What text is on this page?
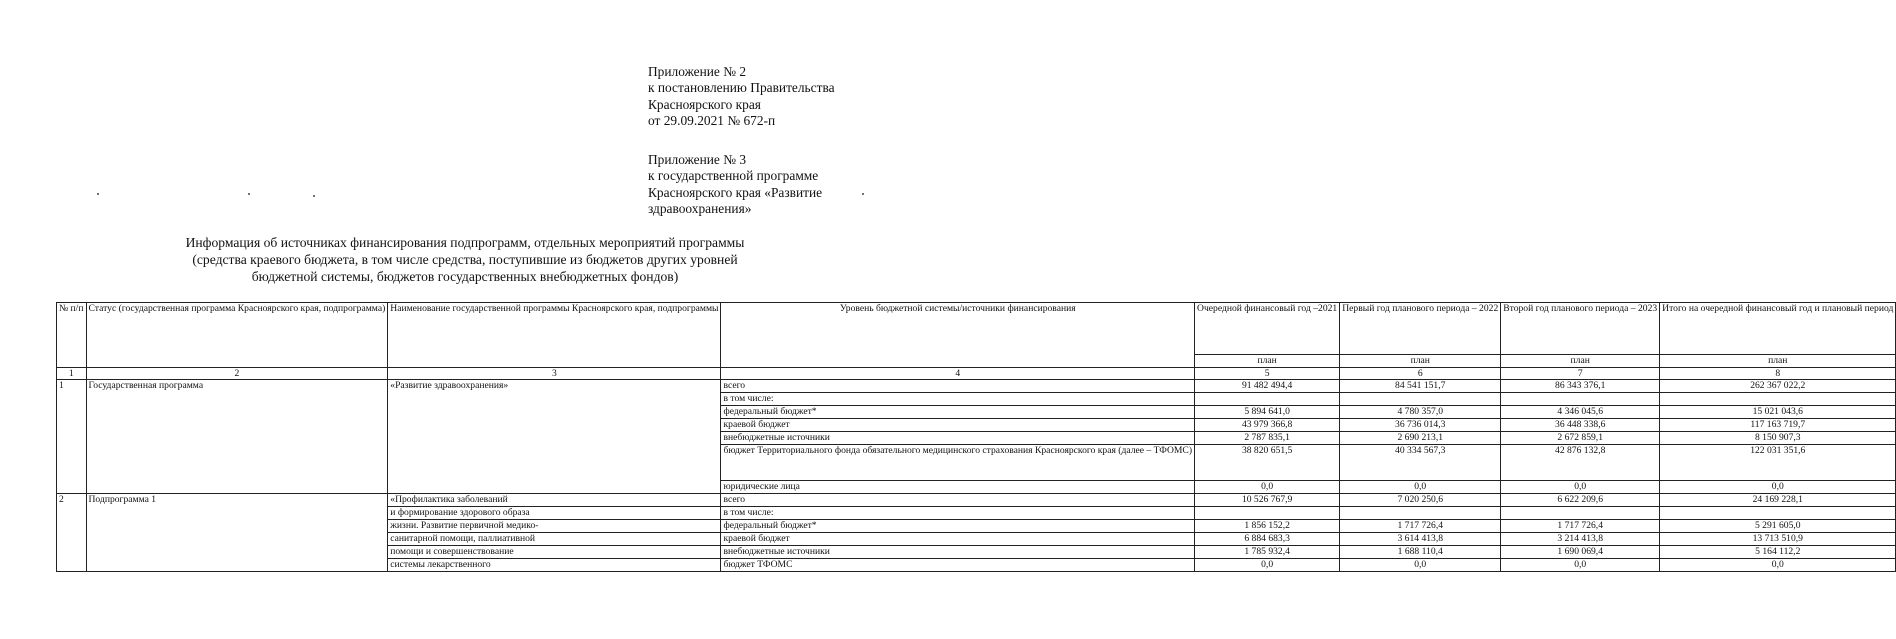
Приложение № 2
к постановлению Правительства
Красноярского края
от 29.09.2021 № 672-п
Приложение № 3
к государственной программе
Красноярского края «Развитие
здравоохранения»
Информация об источниках финансирования подпрограмм, отдельных мероприятий программы
(средства краевого бюджета, в том числе средства, поступившие из бюджетов других уровней
бюджетной системы, бюджетов государственных внебюджетных фондов)
№ п/п	Статус (государственная программа Красноярского края, подпрограмма)	Наименование государственной программы Красноярского края, подпрограммы	Уровень бюджетной системы/источники финансирования	Очередной финансовый год –2021	Первый год планового периода – 2022	Второй год планового периода – 2023	Итого на очередной финансовый год и плановый период
				план	план	план	план
1	2	3	4	5	6	7	8
1	Государственная программа	«Развитие здравоохранения»	всего	91 482 494,4	84 541 151,7	86 343 376,1	262 367 022,2
			в том числе:				
			федеральный бюджет*	5 894 641,0	4 780 357,0	4 346 045,6	15 021 043,6
			краевой бюджет	43 979 366,8	36 736 014,3	36 448 338,6	117 163 719,7
			внебюджетные источники	2 787 835,1	2 690 213,1	2 672 859,1	8 150 907,3
			бюджет Территориального фонда обязательного медицинского страхования Красноярского края (далее – ТФОМС)	38 820 651,5	40 334 567,3	42 876 132,8	122 031 351,6
			юридические лица	0,0	0,0	0,0	0,0
2	Подпрограмма 1	«Профилактика заболеваний	всего	10 526 767,9	7 020 250,6	6 622 209,6	24 169 228,1
		и формирование здорового образа	в том числе:				
		жизни. Развитие первичной медико-	федеральный бюджет*	1 856 152,2	1 717 726,4	1 717 726,4	5 291 605,0
		санитарной помощи, паллиативной	краевой бюджет	6 884 683,3	3 614 413,8	3 214 413,8	13 713 510,9
		помощи и совершенствование	внебюджетные источники	1 785 932,4	1 688 110,4	1 690 069,4	5 164 112,2
		системы лекарственного	бюджет ТФОМС	0,0	0,0	0,0	0,0
